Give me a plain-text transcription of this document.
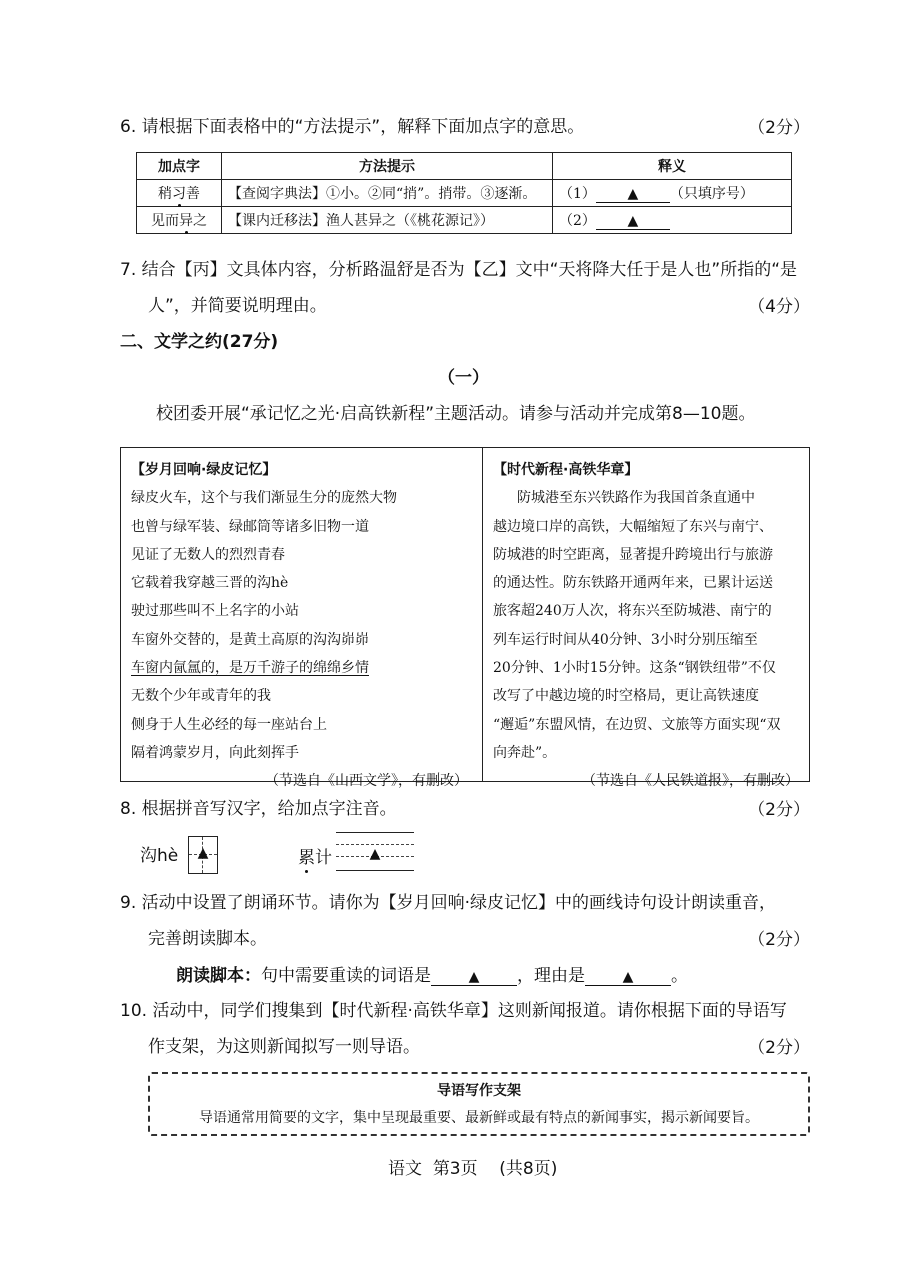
6. 请根据下面表格中的“方法提示”，解释下面加点字的意思。	（2分）
加点字	方法提示	释义
稍习善	【查阅字典法】①小。②同“捎”。捎带。③逐渐。	（1） ▲ （只填序号）
见而异之	【课内迁移法】渔人甚异之（《桃花源记》）	（2） ▲
7. 结合【丙】文具体内容，分析路温舒是否为【乙】文中“天将降大任于是人也”所指的“是
人”，并简要说明理由。	（4分）
二、文学之约(27分)
（一）
校团委开展“承记忆之光·启高铁新程”主题活动。请参与活动并完成第8—10题。
【岁月回响·绿皮记忆】
绿皮火车，这个与我们渐显生分的庞然大物
也曾与绿军装、绿邮筒等诸多旧物一道
见证了无数人的烈烈青春
它载着我穿越三晋的沟hè
驶过那些叫不上名字的小站
车窗外交替的，是黄土高原的沟沟峁峁
车窗内氤氲的，是万千游子的绵绵乡情
无数个少年或青年的我
侧身于人生必经的每一座站台上
隔着鸿蒙岁月，向此刻挥手
（节选自《山西文学》，有删改）
【时代新程·高铁华章】
防城港至东兴铁路作为我国首条直通中
越边境口岸的高铁，大幅缩短了东兴与南宁、
防城港的时空距离，显著提升跨境出行与旅游
的通达性。防东铁路开通两年来，已累计运送
旅客超240万人次，将东兴至防城港、南宁的
列车运行时间从40分钟、3小时分别压缩至
20分钟、1小时15分钟。这条“钢铁纽带”不仅
改写了中越边境的时空格局，更让高铁速度
“邂逅”东盟风情，在边贸、文旅等方面实现“双
向奔赴”。
（节选自《人民铁道报》，有删改）
8. 根据拼音写汉字，给加点字注音。	（2分）
沟hè	▲	累计	▲
9. 活动中设置了朗诵环节。请你为【岁月回响·绿皮记忆】中的画线诗句设计朗读重音，
完善朗读脚本。	（2分）
朗读脚本：句中需要重读的词语是	▲ ，理由是	▲ 。
10. 活动中，同学们搜集到【时代新程·高铁华章】这则新闻报道。请你根据下面的导语写
作支架，为这则新闻拟写一则导语。	（2分）
导语写作支架
导语通常用简要的文字，集中呈现最重要、最新鲜或最有特点的新闻事实，揭示新闻要旨。
语文 第3页 (共8页)
